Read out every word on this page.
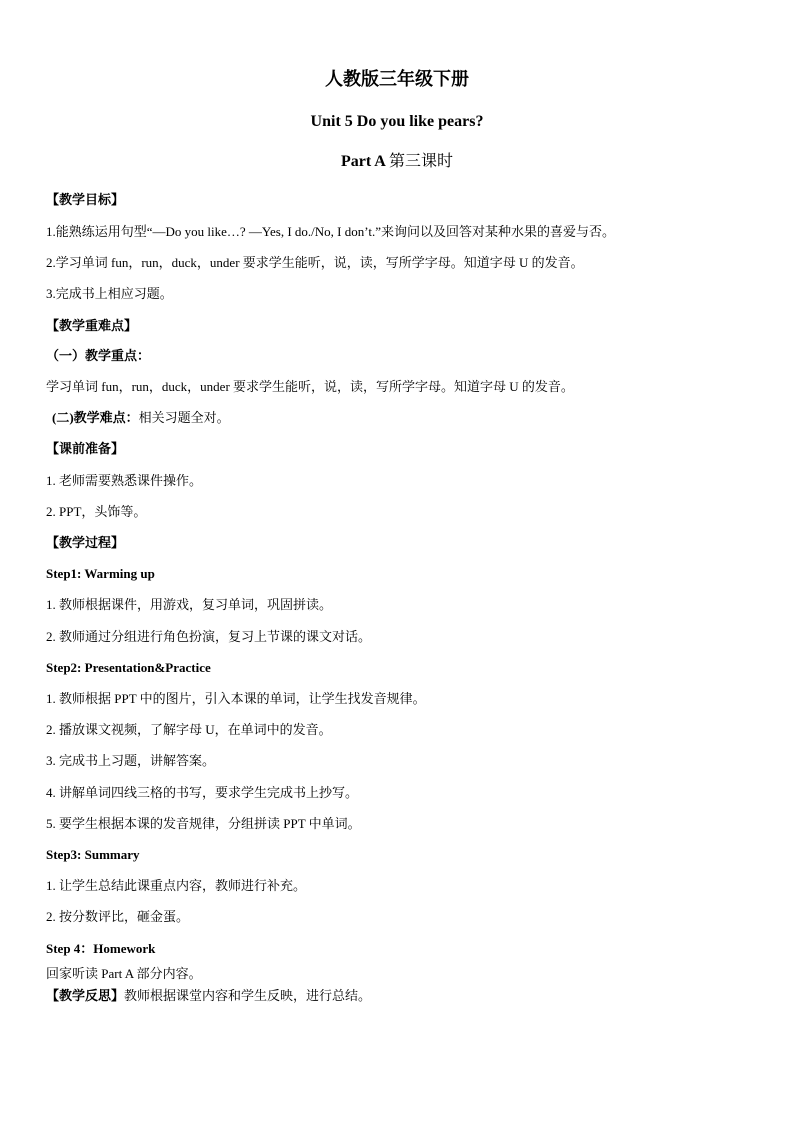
人教版三年级下册
Unit 5 Do you like pears?
Part A 第三课时
【教学目标】
1.能熟练运用句型“—Do you like…? —Yes, I do./No, I don’t.”来询问以及回答对某种水果的喜爱与否。
2.学习单词 fun，run，duck，under 要求学生能听，说，读，写所学字母。知道字母 U 的发音。
3.完成书上相应习题。
【教学重难点】
（一）教学重点：
学习单词 fun，run，duck，under 要求学生能听，说，读，写所学字母。知道字母 U 的发音。
(二)教学难点：相关习题全对。
【课前准备】
1. 老师需要熟悉课件操作。
2. PPT，头饰等。
【教学过程】
Step1: Warming up
1. 教师根据课件，用游戏，复习单词，巩固拼读。
2. 教师通过分组进行角色扮演，复习上节课的课文对话。
Step2: Presentation&Practice
1. 教师根据 PPT 中的图片，引入本课的单词，让学生找发音规律。
2. 播放课文视频，了解字母 U，在单词中的发音。
3. 完成书上习题，讲解答案。
4. 讲解单词四线三格的书写，要求学生完成书上抄写。
5. 要学生根据本课的发音规律，分组拼读 PPT 中单词。
Step3: Summary
1. 让学生总结此课重点内容，教师进行补充。
2. 按分数评比，砸金蛋。
Step 4：Homework
回家听读 Part A 部分内容。
【教学反思】教师根据课堂内容和学生反映，进行总结。
